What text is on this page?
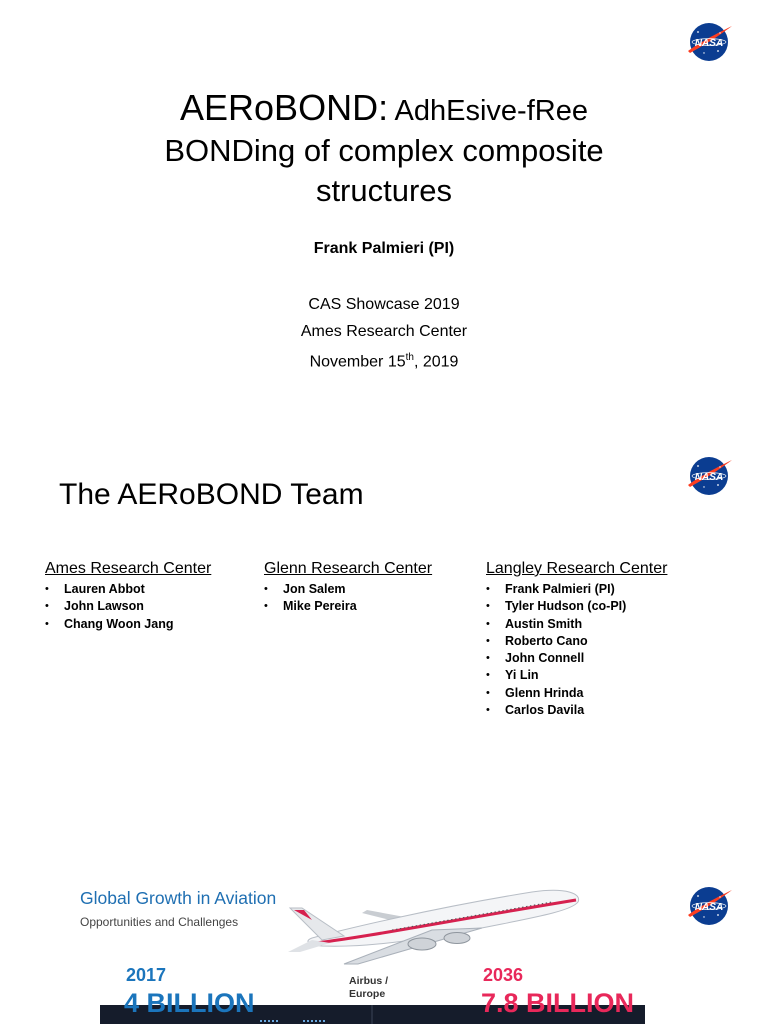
NASA
AERoBOND: AdhEsive-fRee
BONDing of complex composite
structures
Frank Palmieri (PI)
CAS Showcase 2019
Ames Research Center
November 15th, 2019
NASA
The AERoBOND Team
Ames Research Center
• Lauren Abbot
• John Lawson
• Chang Woon Jang
Glenn Research Center
• Jon Salem
• Mike Pereira
Langley Research Center
• Frank Palmieri (PI)
• Tyler Hudson (co-PI)
• Austin Smith
• Roberto Cano
• John Connell
• Yi Lin
• Glenn Hrinda
• Carlos Davila
NASA
Global Growth in Aviation
Opportunities and Challenges
2017	Airbus /
Europe
2036
4 BILLION	7.8 BILLION
